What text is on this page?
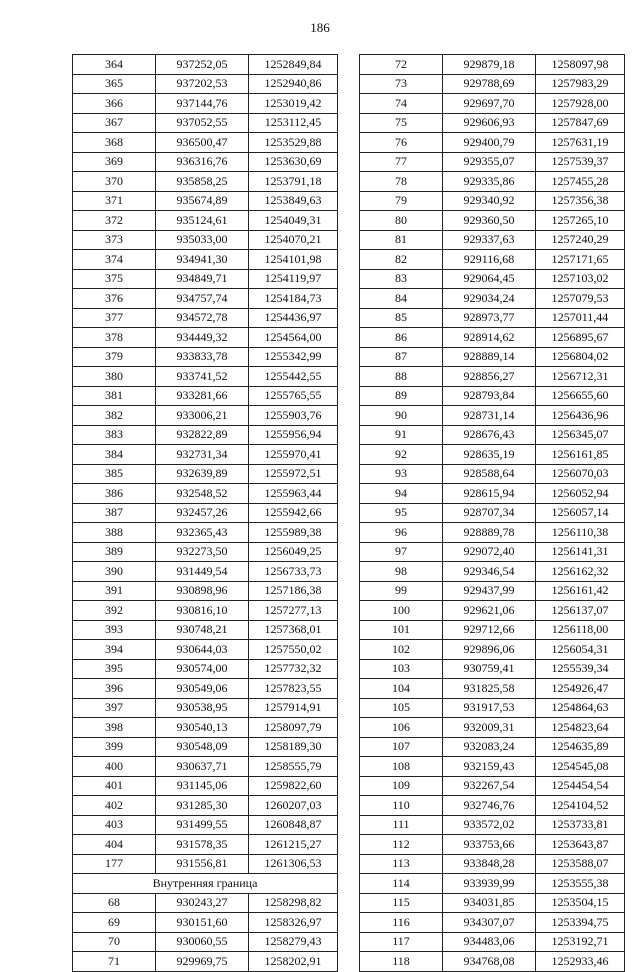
186
364	937252,05	1252849,84
365	937202,53	1252940,86
366	937144,76	1253019,42
367	937052,55	1253112,45
368	936500,47	1253529,88
369	936316,76	1253630,69
370	935858,25	1253791,18
371	935674,89	1253849,63
372	935124,61	1254049,31
373	935033,00	1254070,21
374	934941,30	1254101,98
375	934849,71	1254119,97
376	934757,74	1254184,73
377	934572,78	1254436,97
378	934449,32	1254564,00
379	933833,78	1255342,99
380	933741,52	1255442,55
381	933281,66	1255765,55
382	933006,21	1255903,76
383	932822,89	1255956,94
384	932731,34	1255970,41
385	932639,89	1255972,51
386	932548,52	1255963,44
387	932457,26	1255942,66
388	932365,43	1255989,38
389	932273,50	1256049,25
390	931449,54	1256733,73
391	930898,96	1257186,38
392	930816,10	1257277,13
393	930748,21	1257368,01
394	930644,03	1257550,02
395	930574,00	1257732,32
396	930549,06	1257823,55
397	930538,95	1257914,91
398	930540,13	1258097,79
399	930548,09	1258189,30
400	930637,71	1258555,79
401	931145,06	1259822,60
402	931285,30	1260207,03
403	931499,55	1260848,87
404	931578,35	1261215,27
177	931556,81	1261306,53
Внутренняя граница		
68	930243,27	1258298,82
69	930151,60	1258326,97
70	930060,55	1258279,43
71	929969,75	1258202,91
72	929879,18	1258097,98
73	929788,69	1257983,29
74	929697,70	1257928,00
75	929606,93	1257847,69
76	929400,79	1257631,19
77	929355,07	1257539,37
78	929335,86	1257455,28
79	929340,92	1257356,38
80	929360,50	1257265,10
81	929337,63	1257240,29
82	929116,68	1257171,65
83	929064,45	1257103,02
84	929034,24	1257079,53
85	928973,77	1257011,44
86	928914,62	1256895,67
87	928889,14	1256804,02
88	928856,27	1256712,31
89	928793,84	1256655,60
90	928731,14	1256436,96
91	928676,43	1256345,07
92	928635,19	1256161,85
93	928588,64	1256070,03
94	928615,94	1256052,94
95	928707,34	1256057,14
96	928889,78	1256110,38
97	929072,40	1256141,31
98	929346,54	1256162,32
99	929437,99	1256161,42
100	929621,06	1256137,07
101	929712,66	1256118,00
102	929896,06	1256054,31
103	930759,41	1255539,34
104	931825,58	1254926,47
105	931917,53	1254864,63
106	932009,31	1254823,64
107	932083,24	1254635,89
108	932159,43	1254545,08
109	932267,54	1254454,54
110	932746,76	1254104,52
111	933572,02	1253733,81
112	933753,66	1253643,87
113	933848,28	1253588,07
114	933939,99	1253555,38
115	934031,85	1253504,15
116	934307,07	1253394,75
117	934483,06	1253192,71
118	934768,08	1252933,46
